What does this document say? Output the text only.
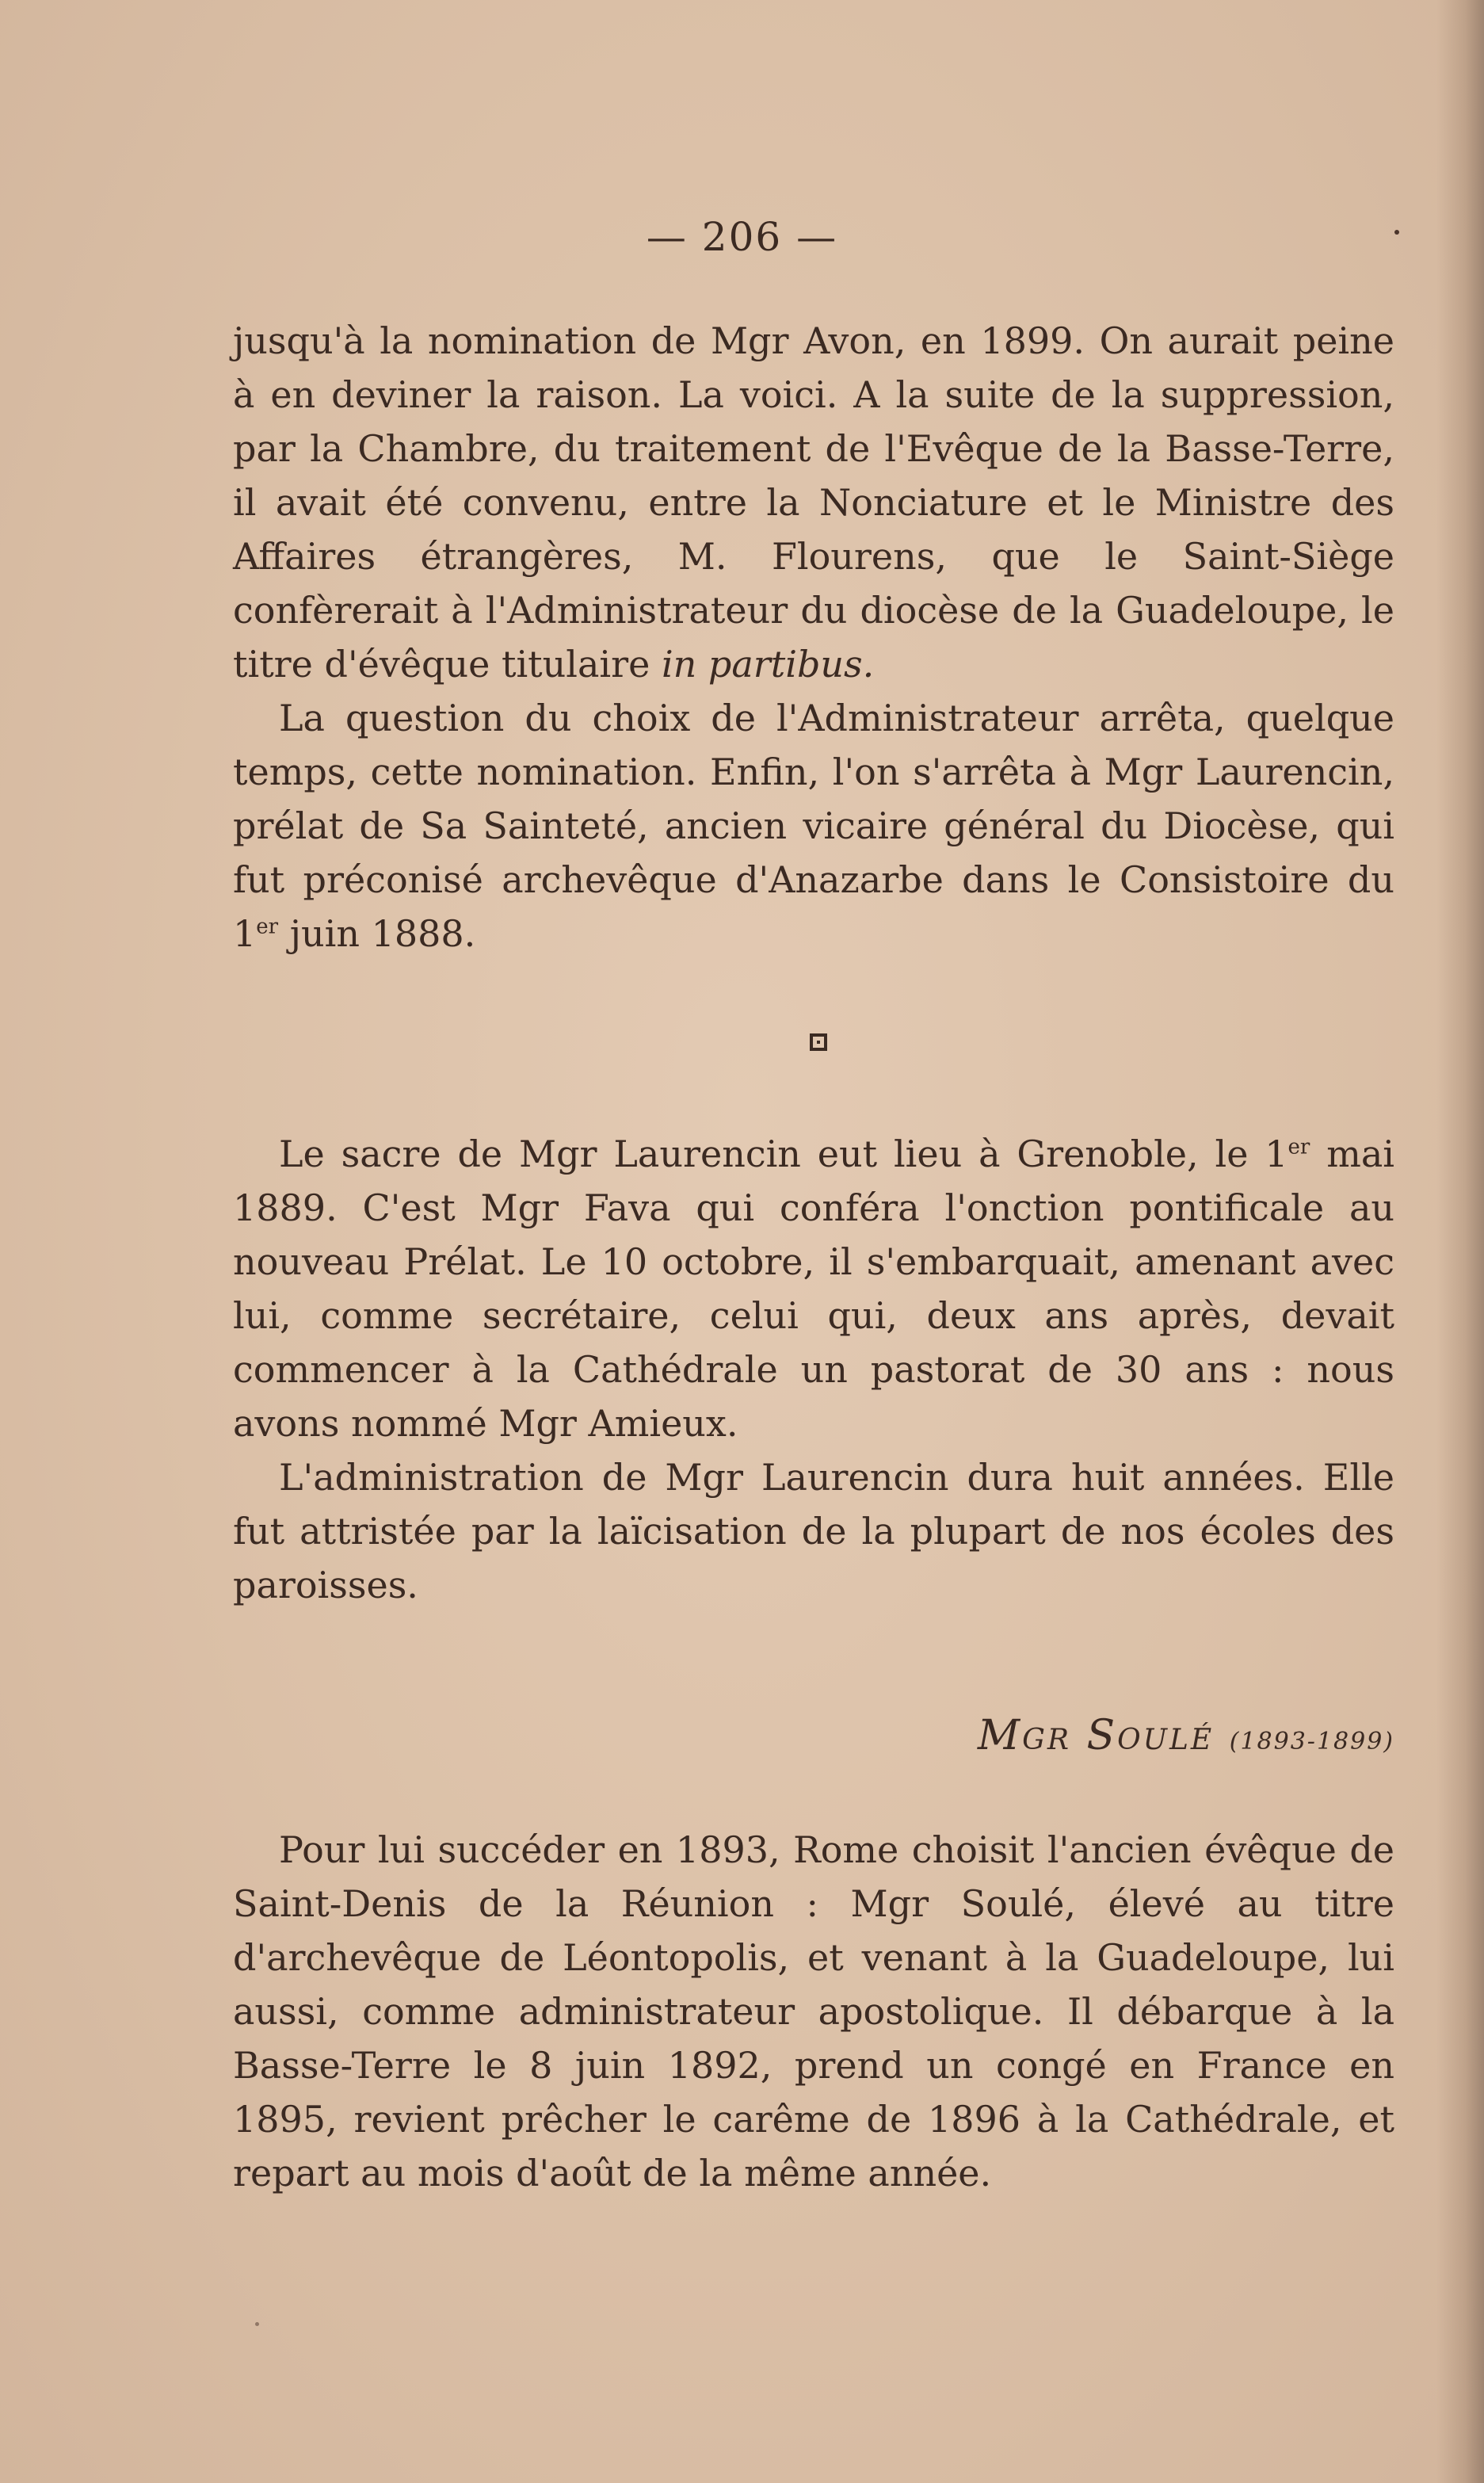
— 206 —

jusqu'à la nomination de Mgr Avon, en 1899. On aurait peine à en deviner la raison. La voici. A la suite de la suppression, par la Chambre, du traitement de l'Evêque de la Basse-Terre, il avait été convenu, entre la Nonciature et le Ministre des Affaires étrangères, M. Flourens, que le Saint-Siège confèrerait à l'Administrateur du diocèse de la Guadeloupe, le titre d'évêque titulaire in partibus.

La question du choix de l'Administrateur arrêta, quelque temps, cette nomination. Enfin, l'on s'arrêta à Mgr Laurencin, prélat de Sa Sainteté, ancien vicaire général du Diocèse, qui fut préconisé archevêque d'Anazarbe dans le Consistoire du 1er juin 1888.

Le sacre de Mgr Laurencin eut lieu à Grenoble, le 1er mai 1889. C'est Mgr Fava qui conféra l'onction pontificale au nouveau Prélat. Le 10 octobre, il s'embarquait, amenant avec lui, comme secrétaire, celui qui, deux ans après, devait commencer à la Cathédrale un pastorat de 30 ans : nous avons nommé Mgr Amieux.

L'administration de Mgr Laurencin dura huit années. Elle fut attristée par la laïcisation de la plupart de nos écoles des paroisses.

Mgr Soulé (1893-1899)

Pour lui succéder en 1893, Rome choisit l'ancien évêque de Saint-Denis de la Réunion : Mgr Soulé, élevé au titre d'archevêque de Léontopolis, et venant à la Guadeloupe, lui aussi, comme administrateur apostolique. Il débarque à la Basse-Terre le 8 juin 1892, prend un congé en France en 1895, revient prêcher le carême de 1896 à la Cathédrale, et repart au mois d'août de la même année.
